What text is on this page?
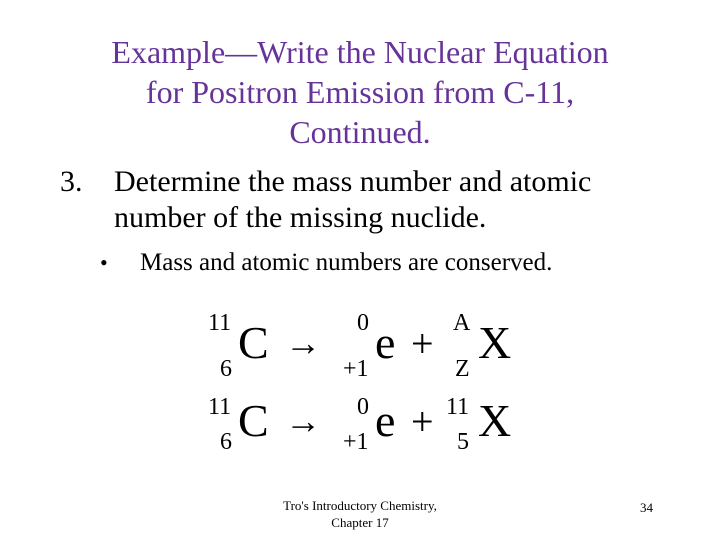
Example—Write the Nuclear Equation
for Positron Emission from C-11,
Continued.
3. Determine the mass number and atomic
number of the missing nuclide.
• Mass and atomic numbers are conserved.
11
6
C → 0
+1
e + A
Z
X
11
6 C → 0
+1 e + 11
5 X
Tro's Introductory Chemistry,
Chapter 17
34
